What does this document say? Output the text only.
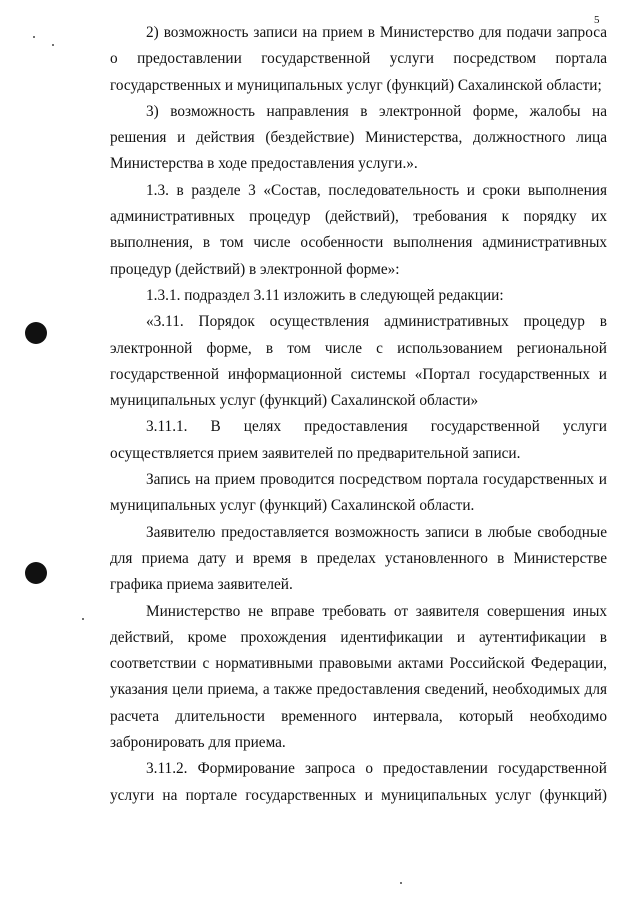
5

2) возможность записи на прием в Министерство для подачи запроса о предоставлении государственной услуги посредством портала государственных и муниципальных услуг (функций) Сахалинской области;

3) возможность направления в электронной форме, жалобы на решения и действия (бездействие) Министерства, должностного лица Министерства в ходе предоставления услуги.».

1.3. в разделе 3 «Состав, последовательность и сроки выполнения административных процедур (действий), требования к порядку их выполнения, в том числе особенности выполнения административных процедур (действий) в электронной форме»:

1.3.1. подраздел 3.11 изложить в следующей редакции:

«3.11. Порядок осуществления административных процедур в электронной форме, в том числе с использованием региональной государственной информационной системы «Портал государственных и муниципальных услуг (функций) Сахалинской области»

3.11.1. В целях предоставления государственной услуги осуществляется прием заявителей по предварительной записи.

Запись на прием проводится посредством портала государственных и муниципальных услуг (функций) Сахалинской области.

Заявителю предоставляется возможность записи в любые свободные для приема дату и время в пределах установленного в Министерстве графика приема заявителей.

Министерство не вправе требовать от заявителя совершения иных действий, кроме прохождения идентификации и аутентификации в соответствии с нормативными правовыми актами Российской Федерации, указания цели приема, а также предоставления сведений, необходимых для расчета длительности временного интервала, который необходимо забронировать для приема.

3.11.2. Формирование запроса о предоставлении государственной услуги на портале государственных и муниципальных услуг (функций)
